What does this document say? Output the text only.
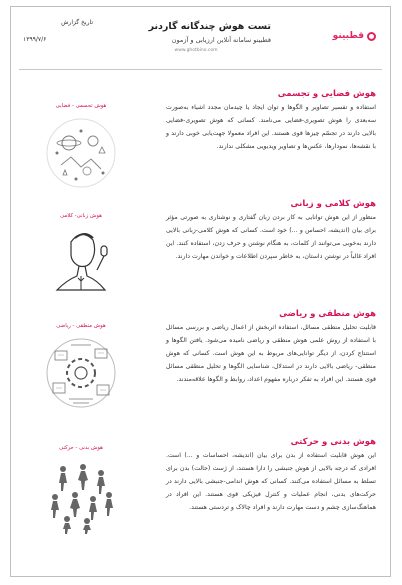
تاریخ گزارش
۱۳۹۹/۷/۶
تست هوش چندگانه گاردنر
قطبینو سامانه آنلاین ارزیابی و آزمون
www.ghotbino.com
قطبینو
هوش فضایی و تجسمی
استفاده و تفسیر تصاویر و الگوها و توان ایجاد یا چیدمان مجدد اشیاء به‌صورت سه‌بعدی را هوش تصویری-فضایی می‌نامند. کسانی که هوش تصویری-فضایی بالایی دارند در تجسّم چیزها قوی هستند. این افراد معمولا جهت‌یابی خوبی دارند و با نقشه‌ها، نمودارها، عکس‌ها و تصاویر ویدیویی مشکلی ندارند.
هوش تجسمی - فضایی
هوش کلامی و زبانی
منظور از این هوش توانایی به کار بردن زبان گفتاری و نوشتاری به صورتی مؤثر برای بیان (اندیشه، احساس و ...) خود است. کسانی که هوش کلامی-زبانی بالایی دارند به‌خوبی می‌توانند از کلمات، به هنگام نوشتن و حرف زدن، استفاده کنند. این افراد غالباً در نوشتن داستان، به خاطر سپردن اطلاعات و خواندن مهارت دارند.
هوش زبانی- کلامی
هوش منطقی و ریاضی
قابلیت تحلیل منطقی مسائل، استفاده اثربخش از اعمال ریاضی و بررسی مسائل با استفاده از روش علمی هوش منطقی و ریاضی نامیده می‌شود. یافتن الگوها و استنتاج کردن، از دیگر توانایی‌های مربوط به این هوش است. کسانی که هوش منطقی- ریاضی بالایی دارند در استدلال، شناسایی الگوها و تحلیل منطقی مسائل قوی هستند. این افراد به تفکر درباره مفهوم اعداد، روابط و الگوها علاقه‌مندند.
هوش منطقی - ریاضی
هوش بدنی و حرکتی
این هوش قابلیت استفاده از بدن برای بیان (اندیشه، احساسات و ...) است. افرادی که درجه بالایی از هوش جنبشی را دارا هستند، از ژست (حالت) بدن برای تسلط به مسائل استفاده می‌کنند. کسانی که هوش اندامی-جنبشی بالایی دارند در حرکت‌های بدنی، انجام عملیات و کنترل فیزیکی قوی هستند. این افراد در هماهنگ‌سازی چشم و دست مهارت دارند و افراد چالاک و تردستی هستند.
هوش بدنی - حرکتی
